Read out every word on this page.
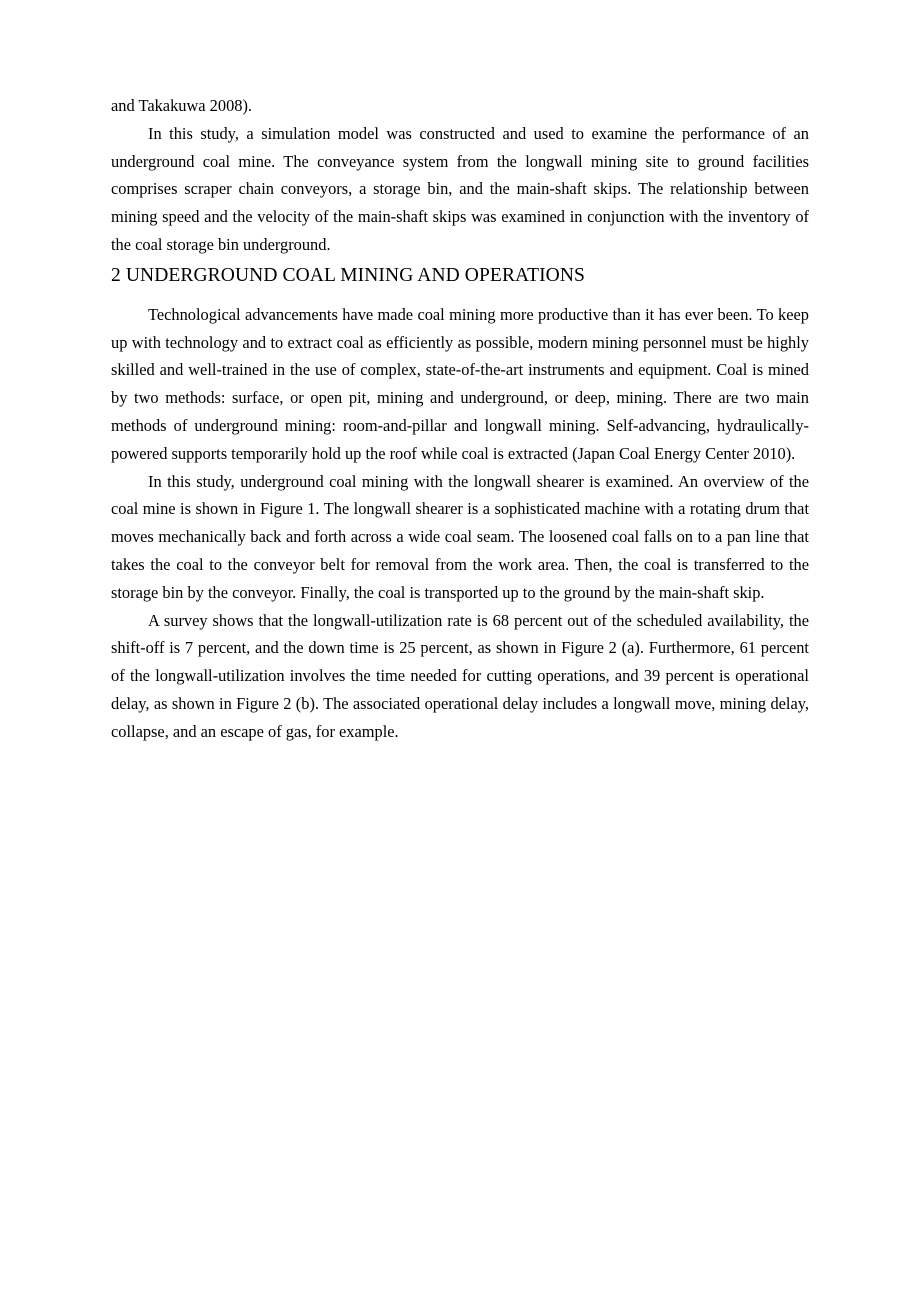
and Takakuwa 2008).

In this study, a simulation model was constructed and used to examine the performance of an underground coal mine. The conveyance system from the longwall mining site to ground facilities comprises scraper chain conveyors, a storage bin, and the main-shaft skips. The relationship between mining speed and the velocity of the main-shaft skips was examined in conjunction with the inventory of the coal storage bin underground.

2 UNDERGROUND COAL MINING AND OPERATIONS

Technological advancements have made coal mining more productive than it has ever been. To keep up with technology and to extract coal as efficiently as possible, modern mining personnel must be highly skilled and well-trained in the use of complex, state-of-the-art instruments and equipment. Coal is mined by two methods: surface, or open pit, mining and underground, or deep, mining. There are two main methods of underground mining: room-and-pillar and longwall mining. Self-advancing, hydraulically- powered supports temporarily hold up the roof while coal is extracted (Japan Coal Energy Center 2010).

In this study, underground coal mining with the longwall shearer is examined. An overview of the coal mine is shown in Figure 1. The longwall shearer is a sophisticated machine with a rotating drum that moves mechanically back and forth across a wide coal seam. The loosened coal falls on to a pan line that takes the coal to the conveyor belt for removal from the work area. Then, the coal is transferred to the storage bin by the conveyor. Finally, the coal is transported up to the ground by the main-shaft skip.

A survey shows that the longwall-utilization rate is 68 percent out of the scheduled availability, the shift-off is 7 percent, and the down time is 25 percent, as shown in Figure 2 (a). Furthermore, 61 percent of the longwall-utilization involves the time needed for cutting operations, and 39 percent is operational delay, as shown in Figure 2 (b). The associated operational delay includes a longwall move, mining delay, collapse, and an escape of gas, for example.
